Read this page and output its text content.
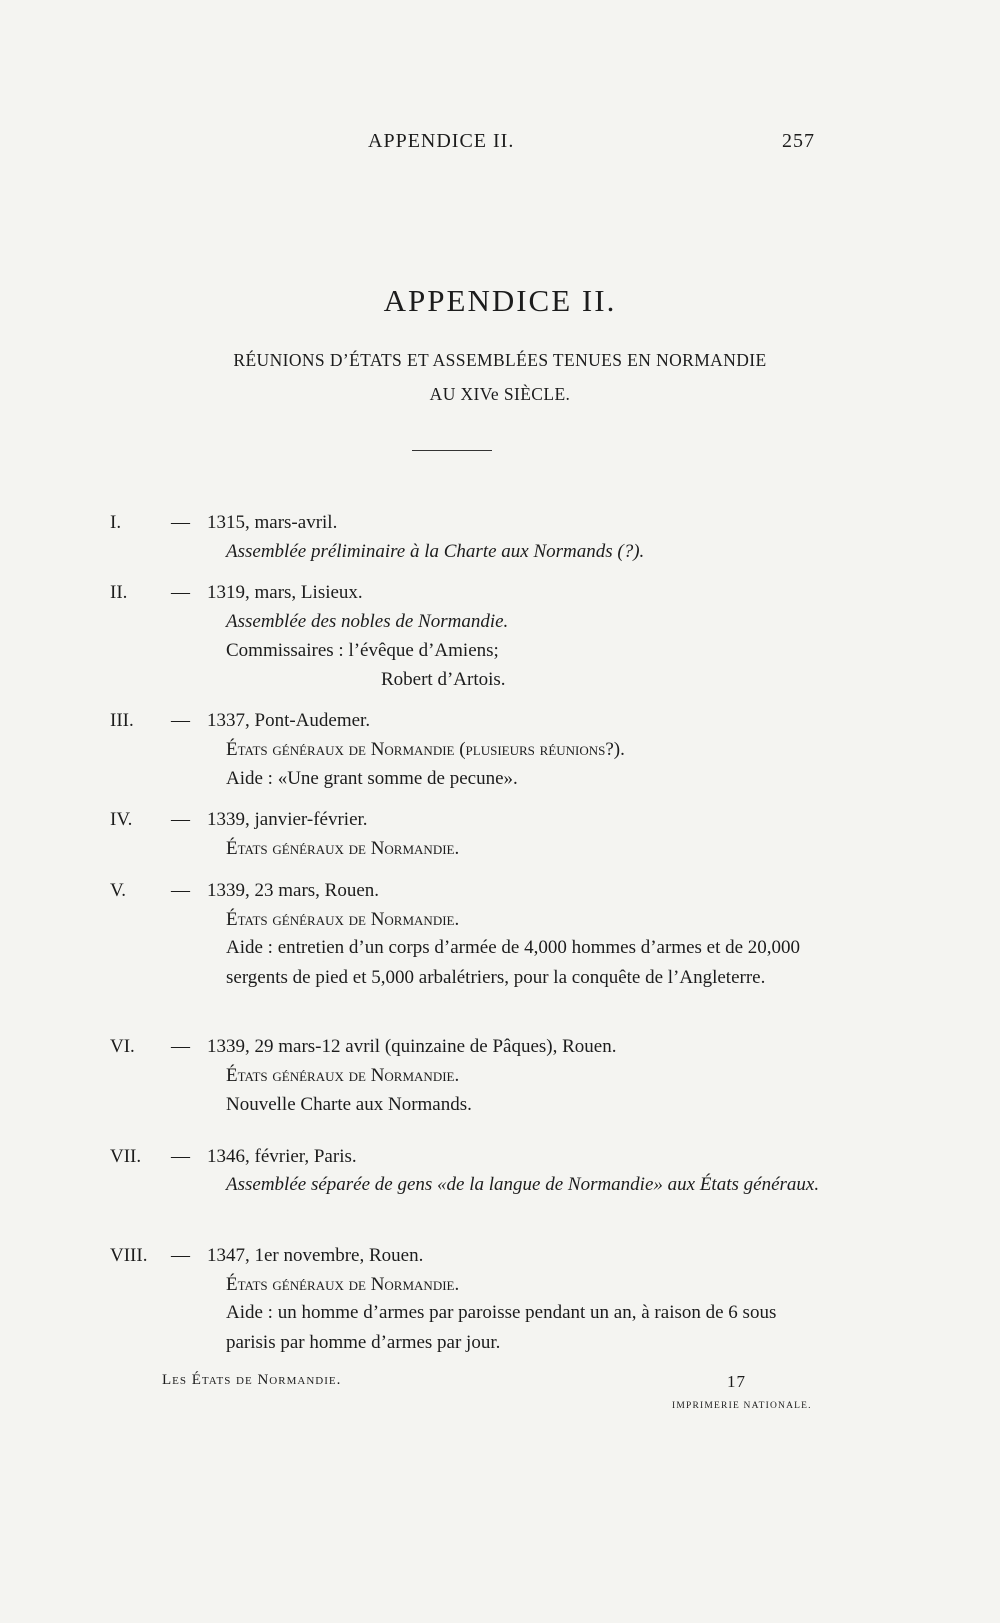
APPENDICE II.	257
APPENDICE II.
RÉUNIONS D’ÉTATS ET ASSEMBLÉES TENUES EN NORMANDIE
AU XIVe SIÈCLE.
I.	— 1315, mars-avril.
Assemblée préliminaire à la Charte aux Normands (?).
II. — 1319, mars, Lisieux.
Assemblée des nobles de Normandie.
Commissaires : l’évêque d’Amiens;
Robert d’Artois.
III. — 1337, Pont-Audemer.
États généraux de Normandie (plusieurs réunions?).
Aide : «Une grant somme de pecune».
IV. — 1339, janvier-février.
États généraux de Normandie.
V. — 1339, 23 mars, Rouen.
États généraux de Normandie.
Aide : entretien d’un corps d’armée de 4,000 hommes d’armes et de 20,000 sergents de pied et 5,000 arbalétriers, pour la conquête de l’Angleterre.
VI. — 1339, 29 mars-12 avril (quinzaine de Pâques), Rouen.
États généraux de Normandie.
Nouvelle Charte aux Normands.
VII. — 1346, février, Paris.
Assemblée séparée de gens «de la langue de Normandie» aux États généraux.
VIII. — 1347, 1er novembre, Rouen.
États généraux de Normandie.
Aide : un homme d’armes par paroisse pendant un an, à raison de 6 sous parisis par homme d’armes par jour.
Les États de Normandie.	17
IMPRIMERIE NATIONALE.
